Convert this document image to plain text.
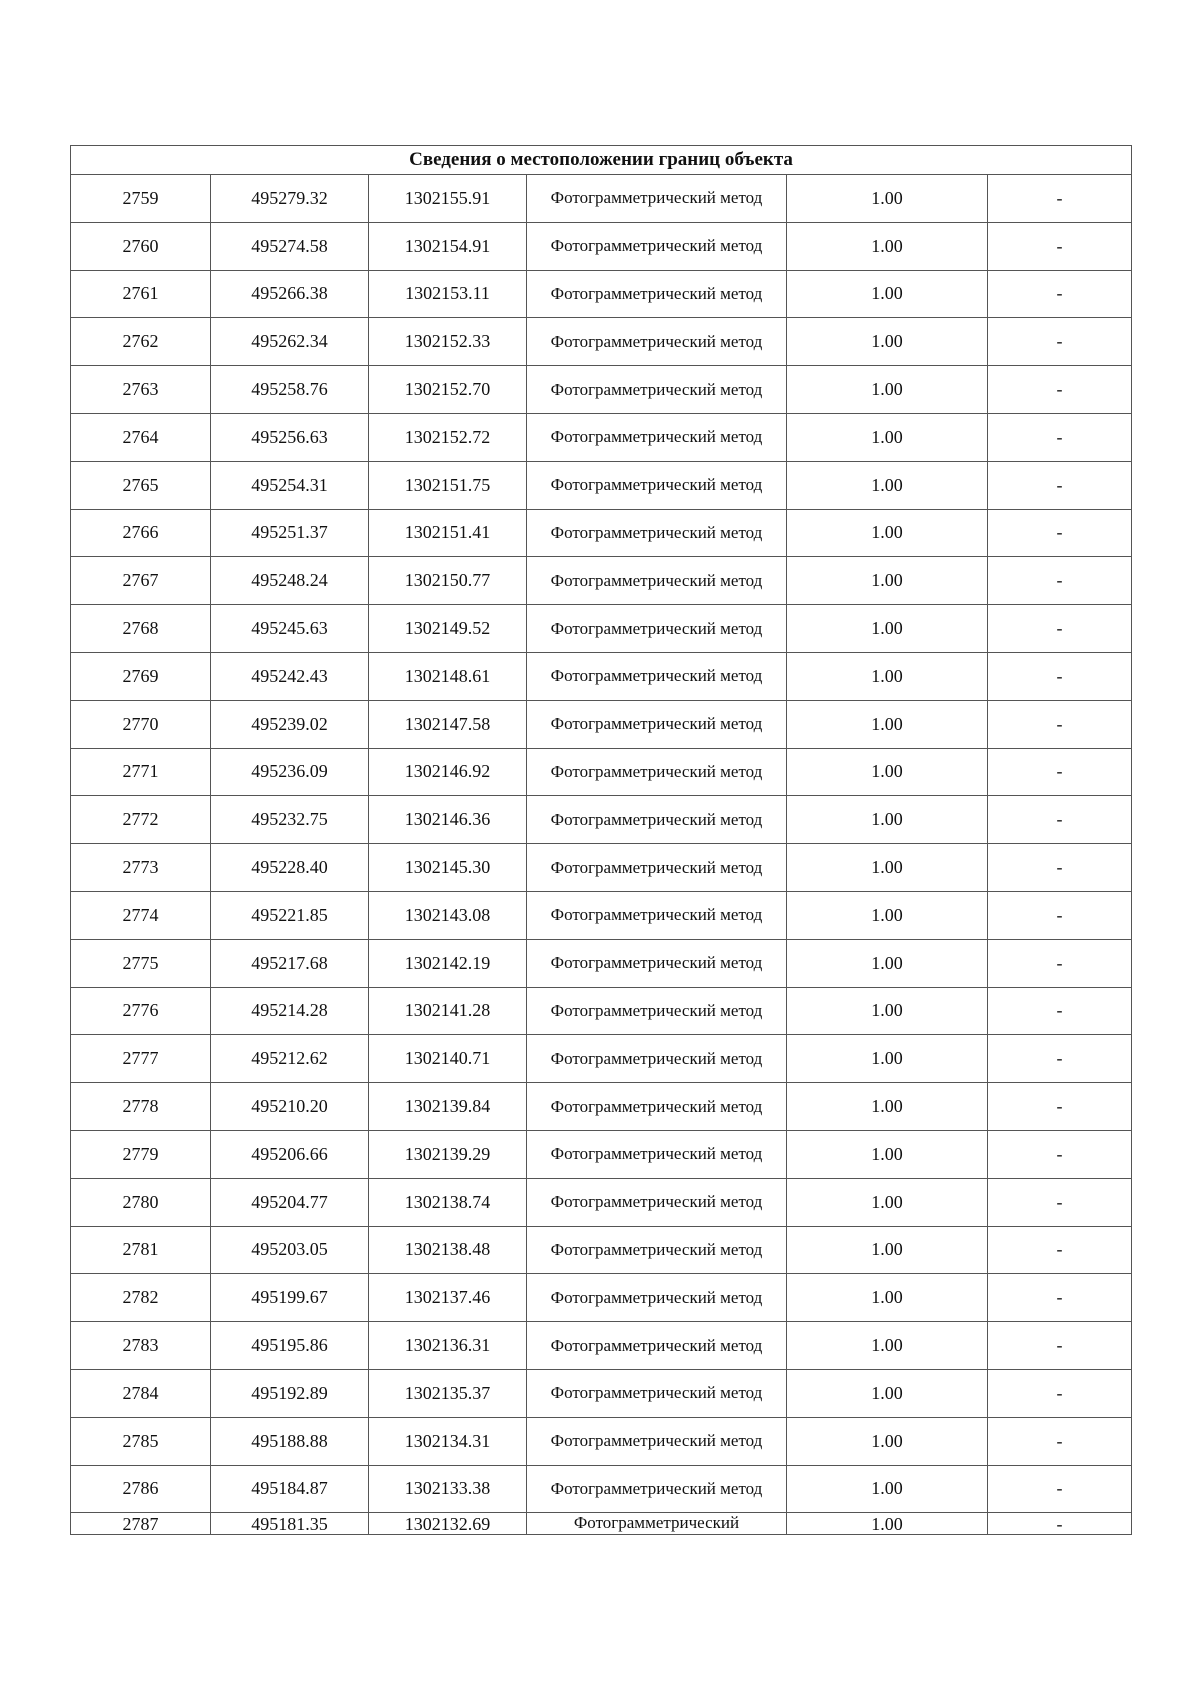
Сведения о местоположении границ объекта					
2759	495279.32	1302155.91	Фотограмметрический метод	1.00	-
2760	495274.58	1302154.91	Фотограмметрический метод	1.00	-
2761	495266.38	1302153.11	Фотограмметрический метод	1.00	-
2762	495262.34	1302152.33	Фотограмметрический метод	1.00	-
2763	495258.76	1302152.70	Фотограмметрический метод	1.00	-
2764	495256.63	1302152.72	Фотограмметрический метод	1.00	-
2765	495254.31	1302151.75	Фотограмметрический метод	1.00	-
2766	495251.37	1302151.41	Фотограмметрический метод	1.00	-
2767	495248.24	1302150.77	Фотограмметрический метод	1.00	-
2768	495245.63	1302149.52	Фотограмметрический метод	1.00	-
2769	495242.43	1302148.61	Фотограмметрический метод	1.00	-
2770	495239.02	1302147.58	Фотограмметрический метод	1.00	-
2771	495236.09	1302146.92	Фотограмметрический метод	1.00	-
2772	495232.75	1302146.36	Фотограмметрический метод	1.00	-
2773	495228.40	1302145.30	Фотограмметрический метод	1.00	-
2774	495221.85	1302143.08	Фотограмметрический метод	1.00	-
2775	495217.68	1302142.19	Фотограмметрический метод	1.00	-
2776	495214.28	1302141.28	Фотограмметрический метод	1.00	-
2777	495212.62	1302140.71	Фотограмметрический метод	1.00	-
2778	495210.20	1302139.84	Фотограмметрический метод	1.00	-
2779	495206.66	1302139.29	Фотограмметрический метод	1.00	-
2780	495204.77	1302138.74	Фотограмметрический метод	1.00	-
2781	495203.05	1302138.48	Фотограмметрический метод	1.00	-
2782	495199.67	1302137.46	Фотограмметрический метод	1.00	-
2783	495195.86	1302136.31	Фотограмметрический метод	1.00	-
2784	495192.89	1302135.37	Фотограмметрический метод	1.00	-
2785	495188.88	1302134.31	Фотограмметрический метод	1.00	-
2786	495184.87	1302133.38	Фотограмметрический метод	1.00	-
2787	495181.35	1302132.69	Фотограмметрический	1.00	-
